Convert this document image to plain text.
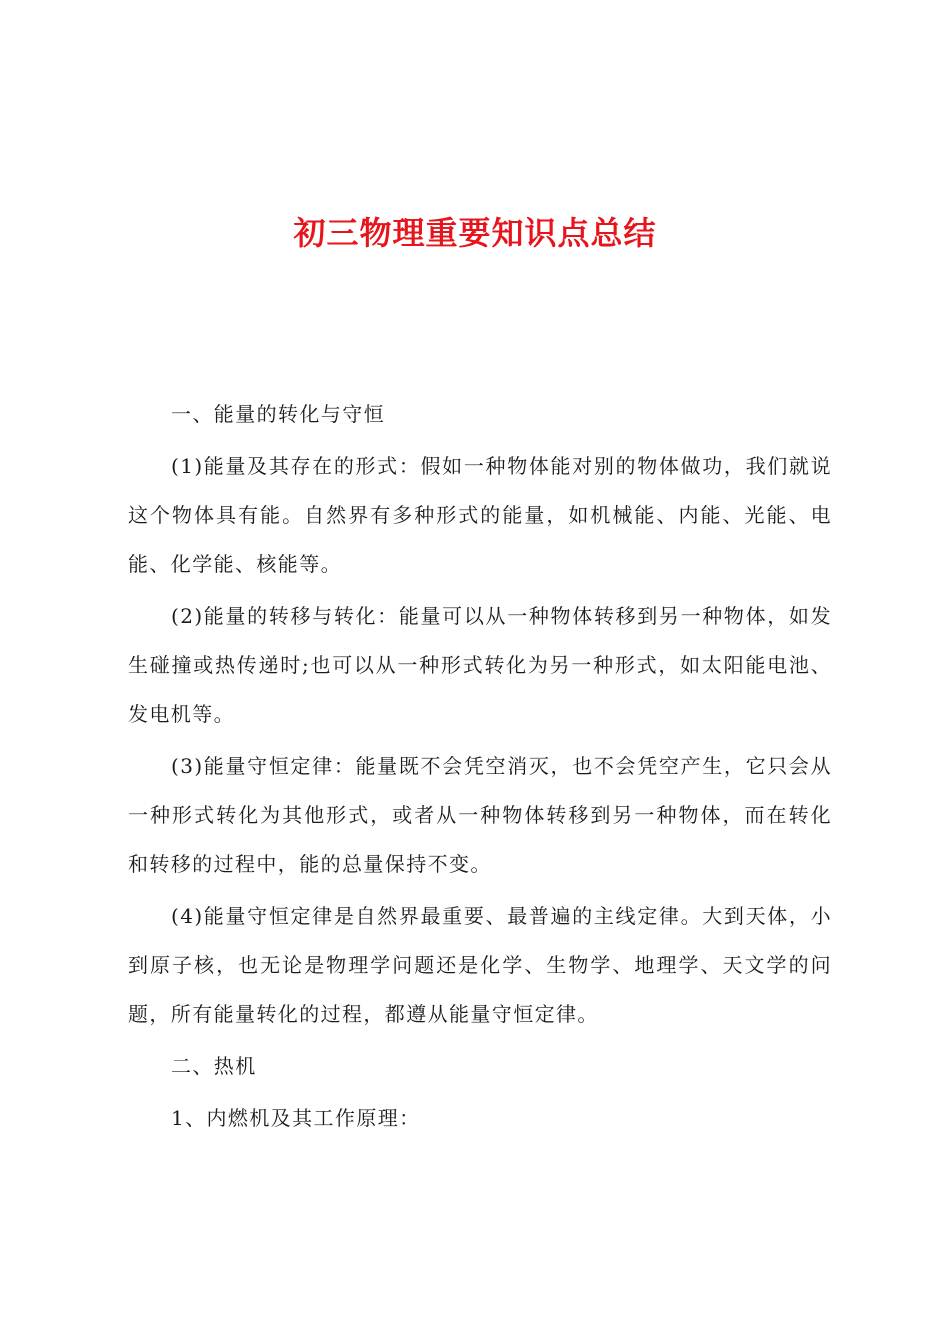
初三物理重要知识点总结

一、能量的转化与守恒

(1)能量及其存在的形式：假如一种物体能对别的物体做功，我们就说这个物体具有能。自然界有多种形式的能量，如机械能、内能、光能、电能、化学能、核能等。

(2)能量的转移与转化：能量可以从一种物体转移到另一种物体，如发生碰撞或热传递时;也可以从一种形式转化为另一种形式，如太阳能电池、发电机等。

(3)能量守恒定律：能量既不会凭空消灭，也不会凭空产生，它只会从一种形式转化为其他形式，或者从一种物体转移到另一种物体，而在转化和转移的过程中，能的总量保持不变。

(4)能量守恒定律是自然界最重要、最普遍的主线定律。大到天体，小到原子核，也无论是物理学问题还是化学、生物学、地理学、天文学的问题，所有能量转化的过程，都遵从能量守恒定律。

二、热机

1、内燃机及其工作原理：
